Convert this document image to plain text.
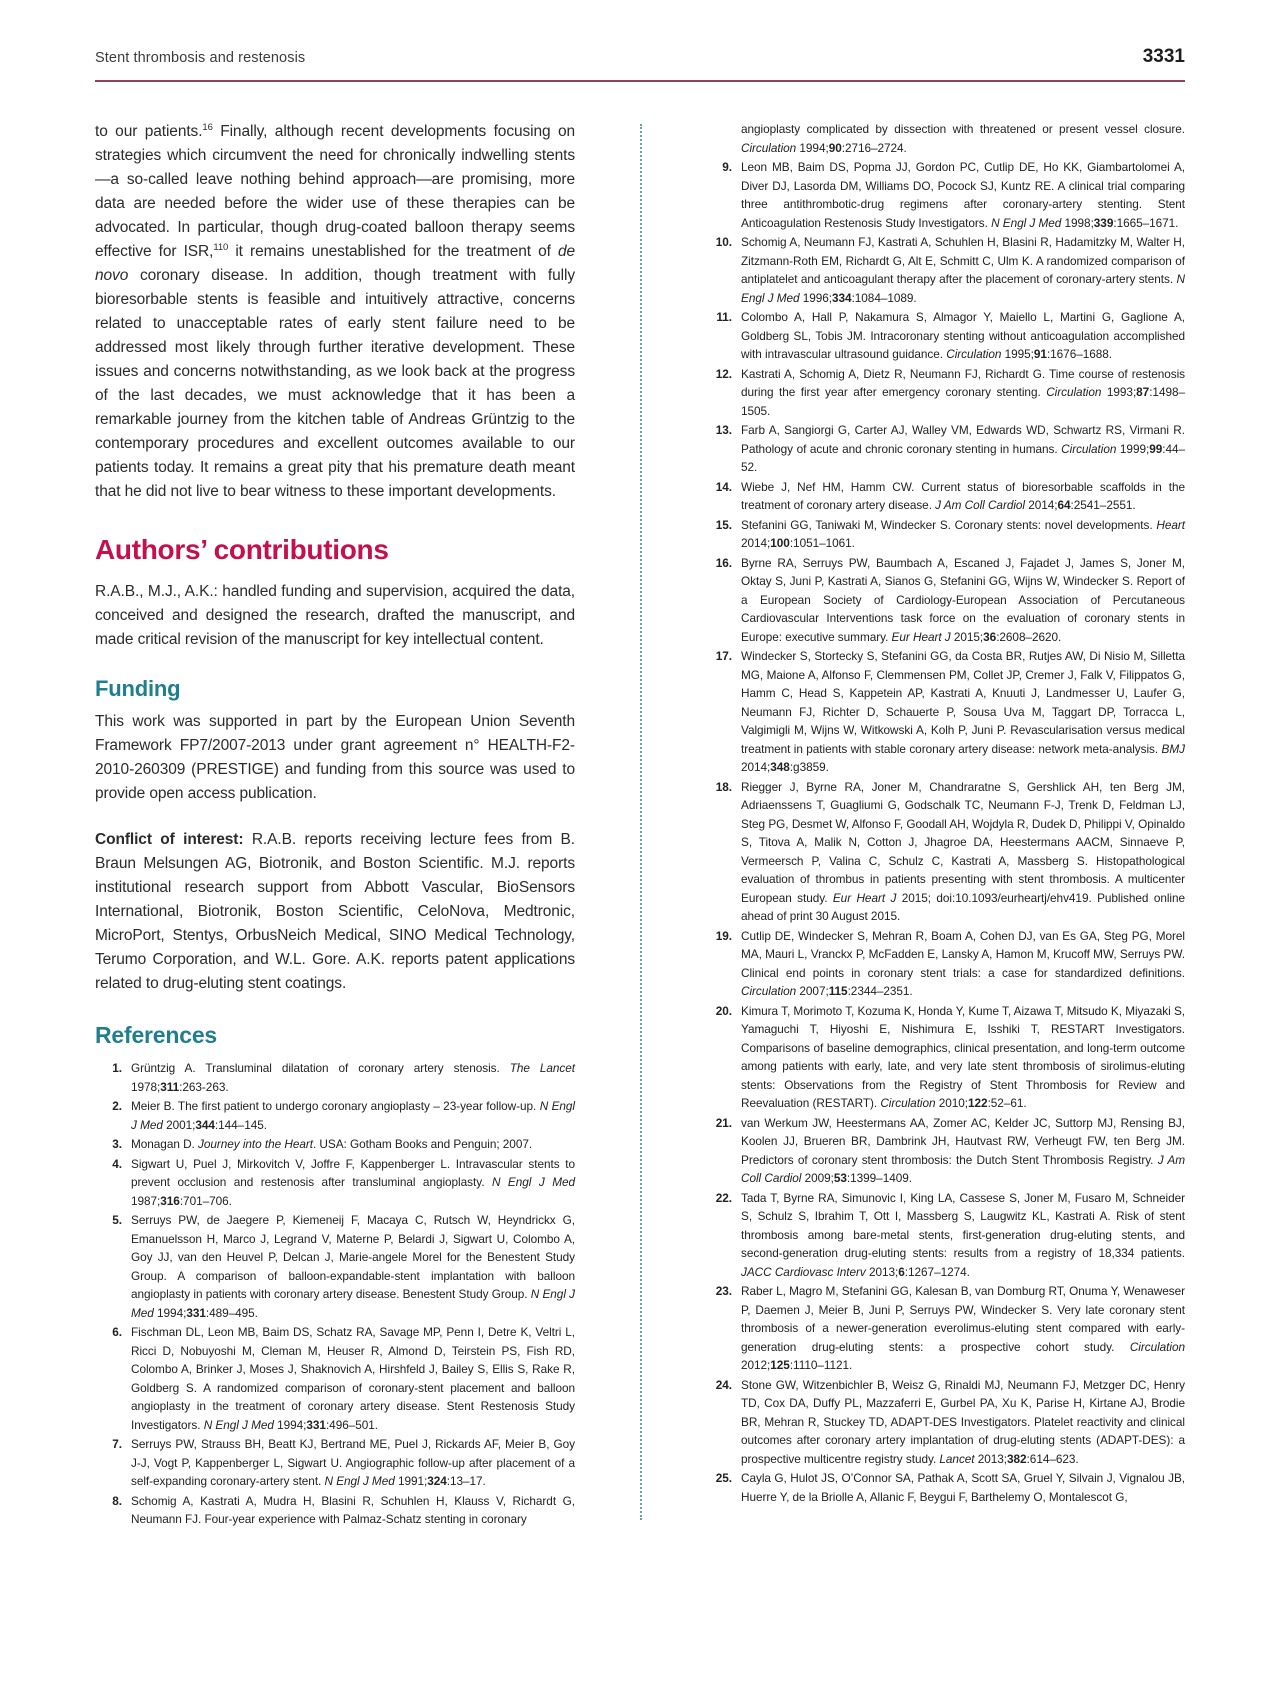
Stent thrombosis and restenosis	3331

to our patients.$^{16}$ Finally, although recent developments focusing on strategies which circumvent the need for chronically indwelling stents—a so-called leave nothing behind approach—are promising, more data are needed before the wider use of these therapies can be advocated. In particular, though drug-coated balloon therapy seems effective for ISR,$^{110}$ it remains unestablished for the treatment of de novo coronary disease. In addition, though treatment with fully bioresorbable stents is feasible and intuitively attractive, concerns related to unacceptable rates of early stent failure need to be addressed most likely through further iterative development. These issues and concerns notwithstanding, as we look back at the progress of the last decades, we must acknowledge that it has been a remarkable journey from the kitchen table of Andreas Grüntzig to the contemporary procedures and excellent outcomes available to our patients today. It remains a great pity that his premature death meant that he did not live to bear witness to these important developments.

Authors’ contributions

R.A.B., M.J., A.K.: handled funding and supervision, acquired the data, conceived and designed the research, drafted the manuscript, and made critical revision of the manuscript for key intellectual content.

Funding

This work was supported in part by the European Union Seventh Framework FP7/2007-2013 under grant agreement n° HEALTH-F2-2010-260309 (PRESTIGE) and funding from this source was used to provide open access publication.

Conflict of interest: R.A.B. reports receiving lecture fees from B. Braun Melsungen AG, Biotronik, and Boston Scientific. M.J. reports institutional research support from Abbott Vascular, BioSensors International, Biotronik, Boston Scientific, CeloNova, Medtronic, MicroPort, Stentys, OrbusNeich Medical, SINO Medical Technology, Terumo Corporation, and W.L. Gore. A.K. reports patent applications related to drug-eluting stent coatings.

References
1. Grüntzig A. Transluminal dilatation of coronary artery stenosis. The Lancet 1978;311:263-263.
2. Meier B. The first patient to undergo coronary angioplasty – 23-year follow-up. N Engl J Med 2001;344:144–145.
3. Monagan D. Journey into the Heart. USA: Gotham Books and Penguin; 2007.
4. Sigwart U, Puel J, Mirkovitch V, Joffre F, Kappenberger L. Intravascular stents to prevent occlusion and restenosis after transluminal angioplasty. N Engl J Med 1987;316:701–706.
5. Serruys PW, de Jaegere P, Kiemeneij F, Macaya C, Rutsch W, Heyndrickx G, Emanuelsson H, Marco J, Legrand V, Materne P, Belardi J, Sigwart U, Colombo A, Goy JJ, van den Heuvel P, Delcan J, Marie-angele Morel for the Benestent Study Group. A comparison of balloon-expandable-stent implantation with balloon angioplasty in patients with coronary artery disease. Benestent Study Group. N Engl J Med 1994;331:489–495.
6. Fischman DL, Leon MB, Baim DS, Schatz RA, Savage MP, Penn I, Detre K, Veltri L, Ricci D, Nobuyoshi M, Cleman M, Heuser R, Almond D, Teirstein PS, Fish RD, Colombo A, Brinker J, Moses J, Shaknovich A, Hirshfeld J, Bailey S, Ellis S, Rake R, Goldberg S. A randomized comparison of coronary-stent placement and balloon angioplasty in the treatment of coronary artery disease. Stent Restenosis Study Investigators. N Engl J Med 1994;331:496–501.
7. Serruys PW, Strauss BH, Beatt KJ, Bertrand ME, Puel J, Rickards AF, Meier B, Goy J-J, Vogt P, Kappenberger L, Sigwart U. Angiographic follow-up after placement of a self-expanding coronary-artery stent. N Engl J Med 1991;324:13–17.
8. Schomig A, Kastrati A, Mudra H, Blasini R, Schuhlen H, Klauss V, Richardt G, Neumann FJ. Four-year experience with Palmaz-Schatz stenting in coronary

angioplasty complicated by dissection with threatened or present vessel closure. Circulation 1994;90:2716–2724.

9. Leon MB, Baim DS, Popma JJ, Gordon PC, Cutlip DE, Ho KK, Giambartolomei A, Diver DJ, Lasorda DM, Williams DO, Pocock SJ, Kuntz RE. A clinical trial comparing three antithrombotic-drug regimens after coronary-artery stenting. Stent Anticoagulation Restenosis Study Investigators. N Engl J Med 1998;339:1665–1671.
10. Schomig A, Neumann FJ, Kastrati A, Schuhlen H, Blasini R, Hadamitzky M, Walter H, Zitzmann-Roth EM, Richardt G, Alt E, Schmitt C, Ulm K. A randomized comparison of antiplatelet and anticoagulant therapy after the placement of coronary-artery stents. N Engl J Med 1996;334:1084–1089.
11. Colombo A, Hall P, Nakamura S, Almagor Y, Maiello L, Martini G, Gaglione A, Goldberg SL, Tobis JM. Intracoronary stenting without anticoagulation accomplished with intravascular ultrasound guidance. Circulation 1995;91:1676–1688.
12. Kastrati A, Schomig A, Dietz R, Neumann FJ, Richardt G. Time course of restenosis during the first year after emergency coronary stenting. Circulation 1993;87:1498–1505.
13. Farb A, Sangiorgi G, Carter AJ, Walley VM, Edwards WD, Schwartz RS, Virmani R. Pathology of acute and chronic coronary stenting in humans. Circulation 1999;99:44–52.
14. Wiebe J, Nef HM, Hamm CW. Current status of bioresorbable scaffolds in the treatment of coronary artery disease. J Am Coll Cardiol 2014;64:2541–2551.
15. Stefanini GG, Taniwaki M, Windecker S. Coronary stents: novel developments. Heart 2014;100:1051–1061.
16. Byrne RA, Serruys PW, Baumbach A, Escaned J, Fajadet J, James S, Joner M, Oktay S, Juni P, Kastrati A, Sianos G, Stefanini GG, Wijns W, Windecker S. Report of a European Society of Cardiology-European Association of Percutaneous Cardiovascular Interventions task force on the evaluation of coronary stents in Europe: executive summary. Eur Heart J 2015;36:2608–2620.
17. Windecker S, Stortecky S, Stefanini GG, da Costa BR, Rutjes AW, Di Nisio M, Silletta MG, Maione A, Alfonso F, Clemmensen PM, Collet JP, Cremer J, Falk V, Filippatos G, Hamm C, Head S, Kappetein AP, Kastrati A, Knuuti J, Landmesser U, Laufer G, Neumann FJ, Richter D, Schauerte P, Sousa Uva M, Taggart DP, Torracca L, Valgimigli M, Wijns W, Witkowski A, Kolh P, Juni P. Revascularisation versus medical treatment in patients with stable coronary artery disease: network meta-analysis. BMJ 2014;348:g3859.
18. Riegger J, Byrne RA, Joner M, Chandraratne S, Gershlick AH, ten Berg JM, Adriaenssens T, Guagliumi G, Godschalk TC, Neumann F-J, Trenk D, Feldman LJ, Steg PG, Desmet W, Alfonso F, Goodall AH, Wojdyla R, Dudek D, Philippi V, Opinaldo S, Titova A, Malik N, Cotton J, Jhagroe DA, Heestermans AACM, Sinnaeve P, Vermeersch P, Valina C, Schulz C, Kastrati A, Massberg S. Histopathological evaluation of thrombus in patients presenting with stent thrombosis. A multicenter European study. Eur Heart J 2015; doi:10.1093/eurheartj/ehv419. Published online ahead of print 30 August 2015.
19. Cutlip DE, Windecker S, Mehran R, Boam A, Cohen DJ, van Es GA, Steg PG, Morel MA, Mauri L, Vranckx P, McFadden E, Lansky A, Hamon M, Krucoff MW, Serruys PW. Clinical end points in coronary stent trials: a case for standardized definitions. Circulation 2007;115:2344–2351.
20. Kimura T, Morimoto T, Kozuma K, Honda Y, Kume T, Aizawa T, Mitsudo K, Miyazaki S, Yamaguchi T, Hiyoshi E, Nishimura E, Isshiki T, RESTART Investigators. Comparisons of baseline demographics, clinical presentation, and long-term outcome among patients with early, late, and very late stent thrombosis of sirolimus-eluting stents: Observations from the Registry of Stent Thrombosis for Review and Reevaluation (RESTART). Circulation 2010;122:52–61.
21. van Werkum JW, Heestermans AA, Zomer AC, Kelder JC, Suttorp MJ, Rensing BJ, Koolen JJ, Brueren BR, Dambrink JH, Hautvast RW, Verheugt FW, ten Berg JM. Predictors of coronary stent thrombosis: the Dutch Stent Thrombosis Registry. J Am Coll Cardiol 2009;53:1399–1409.
22. Tada T, Byrne RA, Simunovic I, King LA, Cassese S, Joner M, Fusaro M, Schneider S, Schulz S, Ibrahim T, Ott I, Massberg S, Laugwitz KL, Kastrati A. Risk of stent thrombosis among bare-metal stents, first-generation drug-eluting stents, and second-generation drug-eluting stents: results from a registry of 18,334 patients. JACC Cardiovasc Interv 2013;6:1267–1274.
23. Raber L, Magro M, Stefanini GG, Kalesan B, van Domburg RT, Onuma Y, Wenaweser P, Daemen J, Meier B, Juni P, Serruys PW, Windecker S. Very late coronary stent thrombosis of a newer-generation everolimus-eluting stent compared with early-generation drug-eluting stents: a prospective cohort study. Circulation 2012;125:1110–1121.
24. Stone GW, Witzenbichler B, Weisz G, Rinaldi MJ, Neumann FJ, Metzger DC, Henry TD, Cox DA, Duffy PL, Mazzaferri E, Gurbel PA, Xu K, Parise H, Kirtane AJ, Brodie BR, Mehran R, Stuckey TD, ADAPT-DES Investigators. Platelet reactivity and clinical outcomes after coronary artery implantation of drug-eluting stents (ADAPT-DES): a prospective multicentre registry study. Lancet 2013;382:614–623.
25. Cayla G, Hulot JS, O’Connor SA, Pathak A, Scott SA, Gruel Y, Silvain J, Vignalou JB, Huerre Y, de la Briolle A, Allanic F, Beygui F, Barthelemy O, Montalescot G,
